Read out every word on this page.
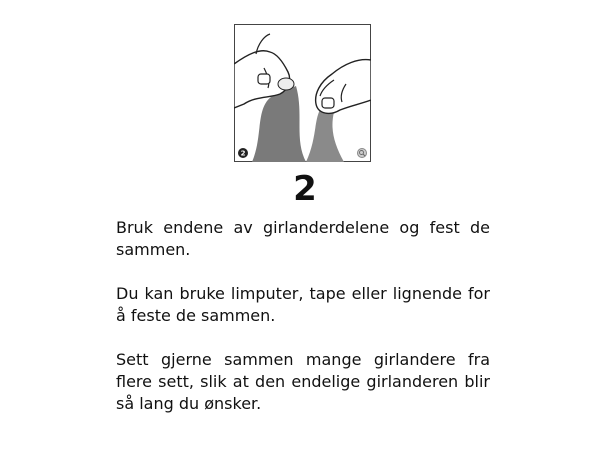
2
2

Bruk endene av girlanderdelene og fest de sammen.

Du kan bruke limputer, tape eller lignende for å feste de sammen.

Sett gjerne sammen mange girlandere fra flere sett, slik at den endelige girlanderen blir så lang du ønsker.
